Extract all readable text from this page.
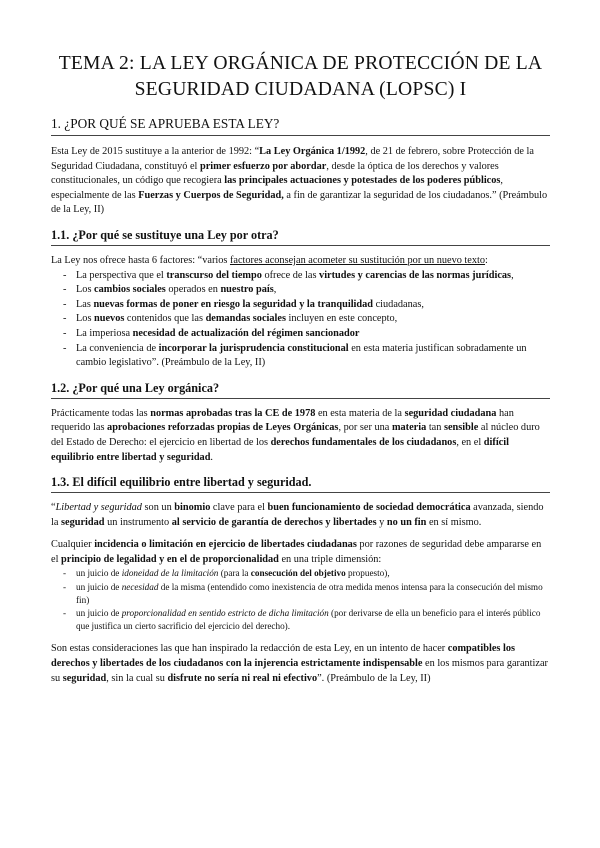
TEMA 2: LA LEY ORGÁNICA DE PROTECCIÓN DE LA SEGURIDAD CIUDADANA (LOPSC) I
1. ¿POR QUÉ SE APRUEBA ESTA LEY?

Esta Ley de 2015 sustituye a la anterior de 1992: “La Ley Orgánica 1/1992, de 21 de febrero, sobre Protección de la Seguridad Ciudadana, constituyó el primer esfuerzo por abordar, desde la óptica de los derechos y valores constitucionales, un código que recogiera las principales actuaciones y potestades de los poderes públicos, especialmente de las Fuerzas y Cuerpos de Seguridad, a fin de garantizar la seguridad de los ciudadanos.” (Preámbulo de la Ley, II)

1.1. ¿Por qué se sustituye una Ley por otra?

La Ley nos ofrece hasta 6 factores: “varios factores aconsejan acometer su sustitución por un nuevo texto:

- La perspectiva que el transcurso del tiempo ofrece de las virtudes y carencias de las normas jurídicas,
- Los cambios sociales operados en nuestro país,
- Las nuevas formas de poner en riesgo la seguridad y la tranquilidad ciudadanas,
- Los nuevos contenidos que las demandas sociales incluyen en este concepto,
- La imperiosa necesidad de actualización del régimen sancionador
- La conveniencia de incorporar la jurisprudencia constitucional en esta materia justifican sobradamente un cambio legislativo”. (Preámbulo de la Ley, II)
1.2. ¿Por qué una Ley orgánica?

Prácticamente todas las normas aprobadas tras la CE de 1978 en esta materia de la seguridad ciudadana han requerido las aprobaciones reforzadas propias de Leyes Orgánicas, por ser una materia tan sensible al núcleo duro del Estado de Derecho: el ejercicio en libertad de los derechos fundamentales de los ciudadanos, en el difícil equilibrio entre libertad y seguridad.

1.3. El difícil equilibrio entre libertad y seguridad.

“Libertad y seguridad son un binomio clave para el buen funcionamiento de sociedad democrática avanzada, siendo la seguridad un instrumento al servicio de garantía de derechos y libertades y no un fin en sí mismo.

Cualquier incidencia o limitación en ejercicio de libertades ciudadanas por razones de seguridad debe ampararse en el principio de legalidad y en el de proporcionalidad en una triple dimensión:

- un juicio de idoneidad de la limitación (para la consecución del objetivo propuesto),
- un juicio de necesidad de la misma (entendido como inexistencia de otra medida menos intensa para la consecución del mismo fin)
- un juicio de proporcionalidad en sentido estricto de dicha limitación (por derivarse de ella un beneficio para el interés público que justifica un cierto sacrificio del ejercicio del derecho).

Son estas consideraciones las que han inspirado la redacción de esta Ley, en un intento de hacer compatibles los derechos y libertades de los ciudadanos con la injerencia estrictamente indispensable en los mismos para garantizar su seguridad, sin la cual su disfrute no sería ni real ni efectivo”. (Preámbulo de la Ley, II)
